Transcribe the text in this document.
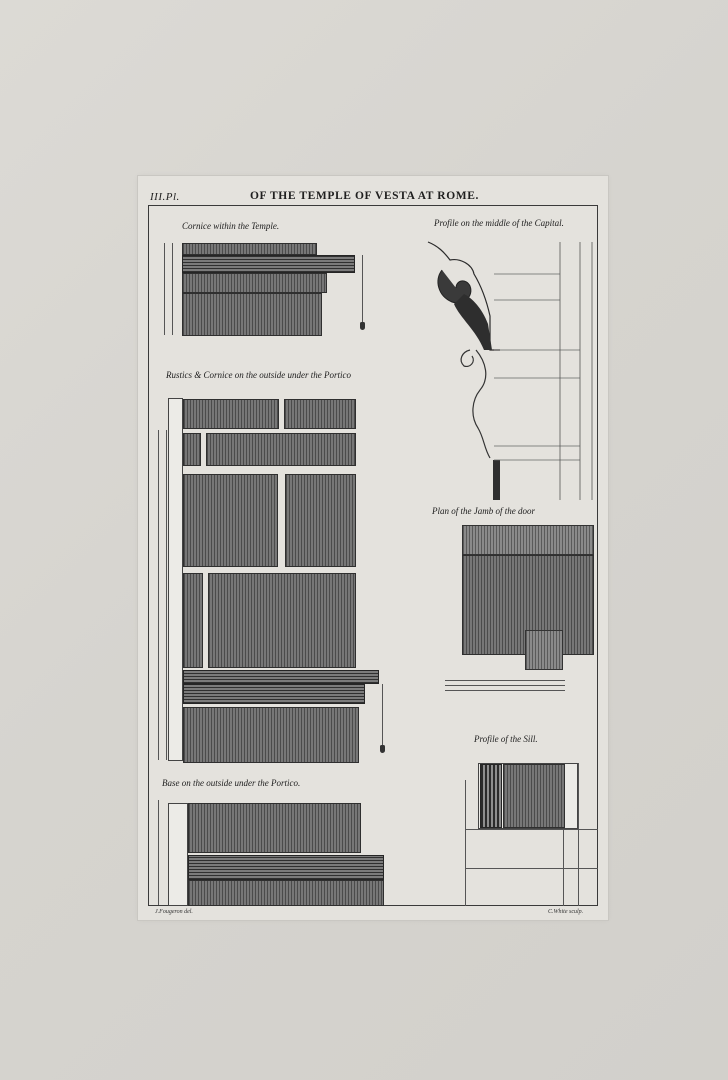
III.Pl.	OF THE TEMPLE OF VESTA AT ROME.
Cornice within the Temple.
Rustics & Cornice on the outside under the Portico
Base on the outside under the Portico.
Profile on the middle of the Capital.
Plan of the Jamb of the door
Profile of the Sill.
J.Fougeron del.	C.White sculp.
